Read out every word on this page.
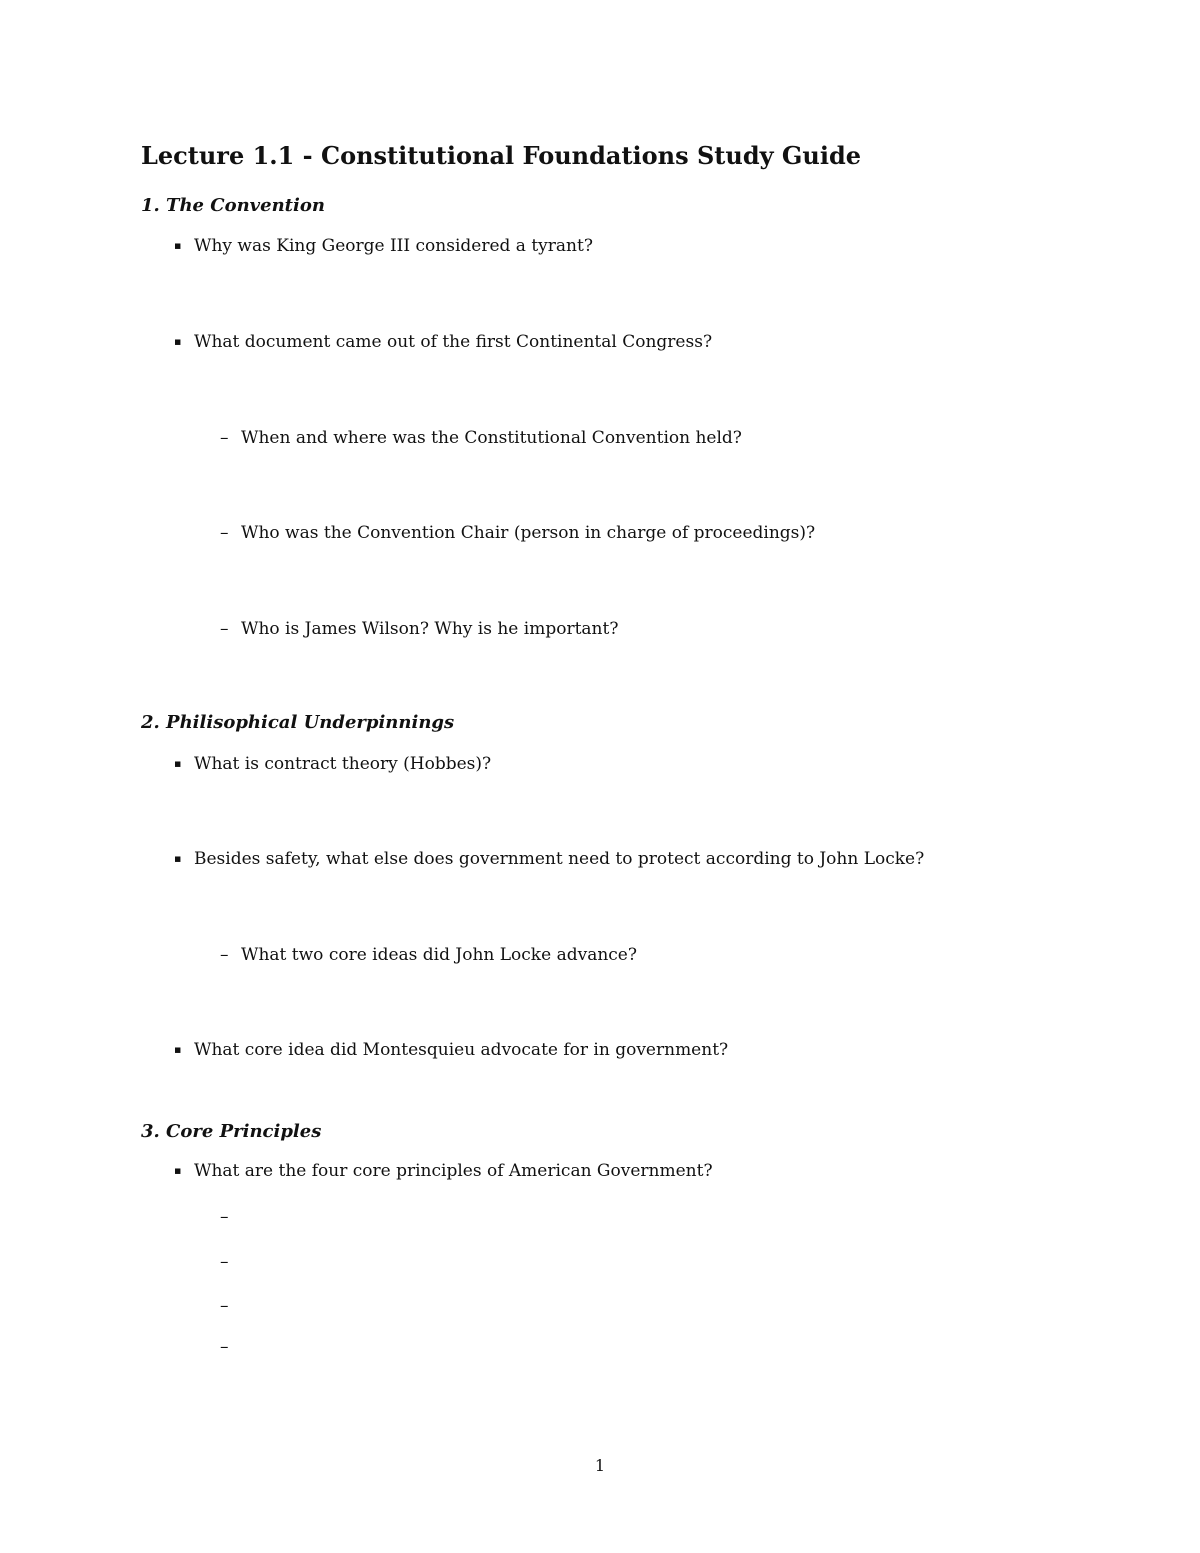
Lecture 1.1 - Constitutional Foundations Study Guide
1. The Convention

▪ Why was King George III considered a tyrant?

▪ What document came out of the first Continental Congress?

– When and where was the Constitutional Convention held?

– Who was the Convention Chair (person in charge of proceedings)?

– Who is James Wilson? Why is he important?

2. Philisophical Underpinnings

▪ What is contract theory (Hobbes)?

▪ Besides safety, what else does government need to protect according to John Locke?

– What two core ideas did John Locke advance?

▪ What core idea did Montesquieu advocate for in government?

3. Core Principles

▪ What are the four core principles of American Government?

–

–

–

–

1
